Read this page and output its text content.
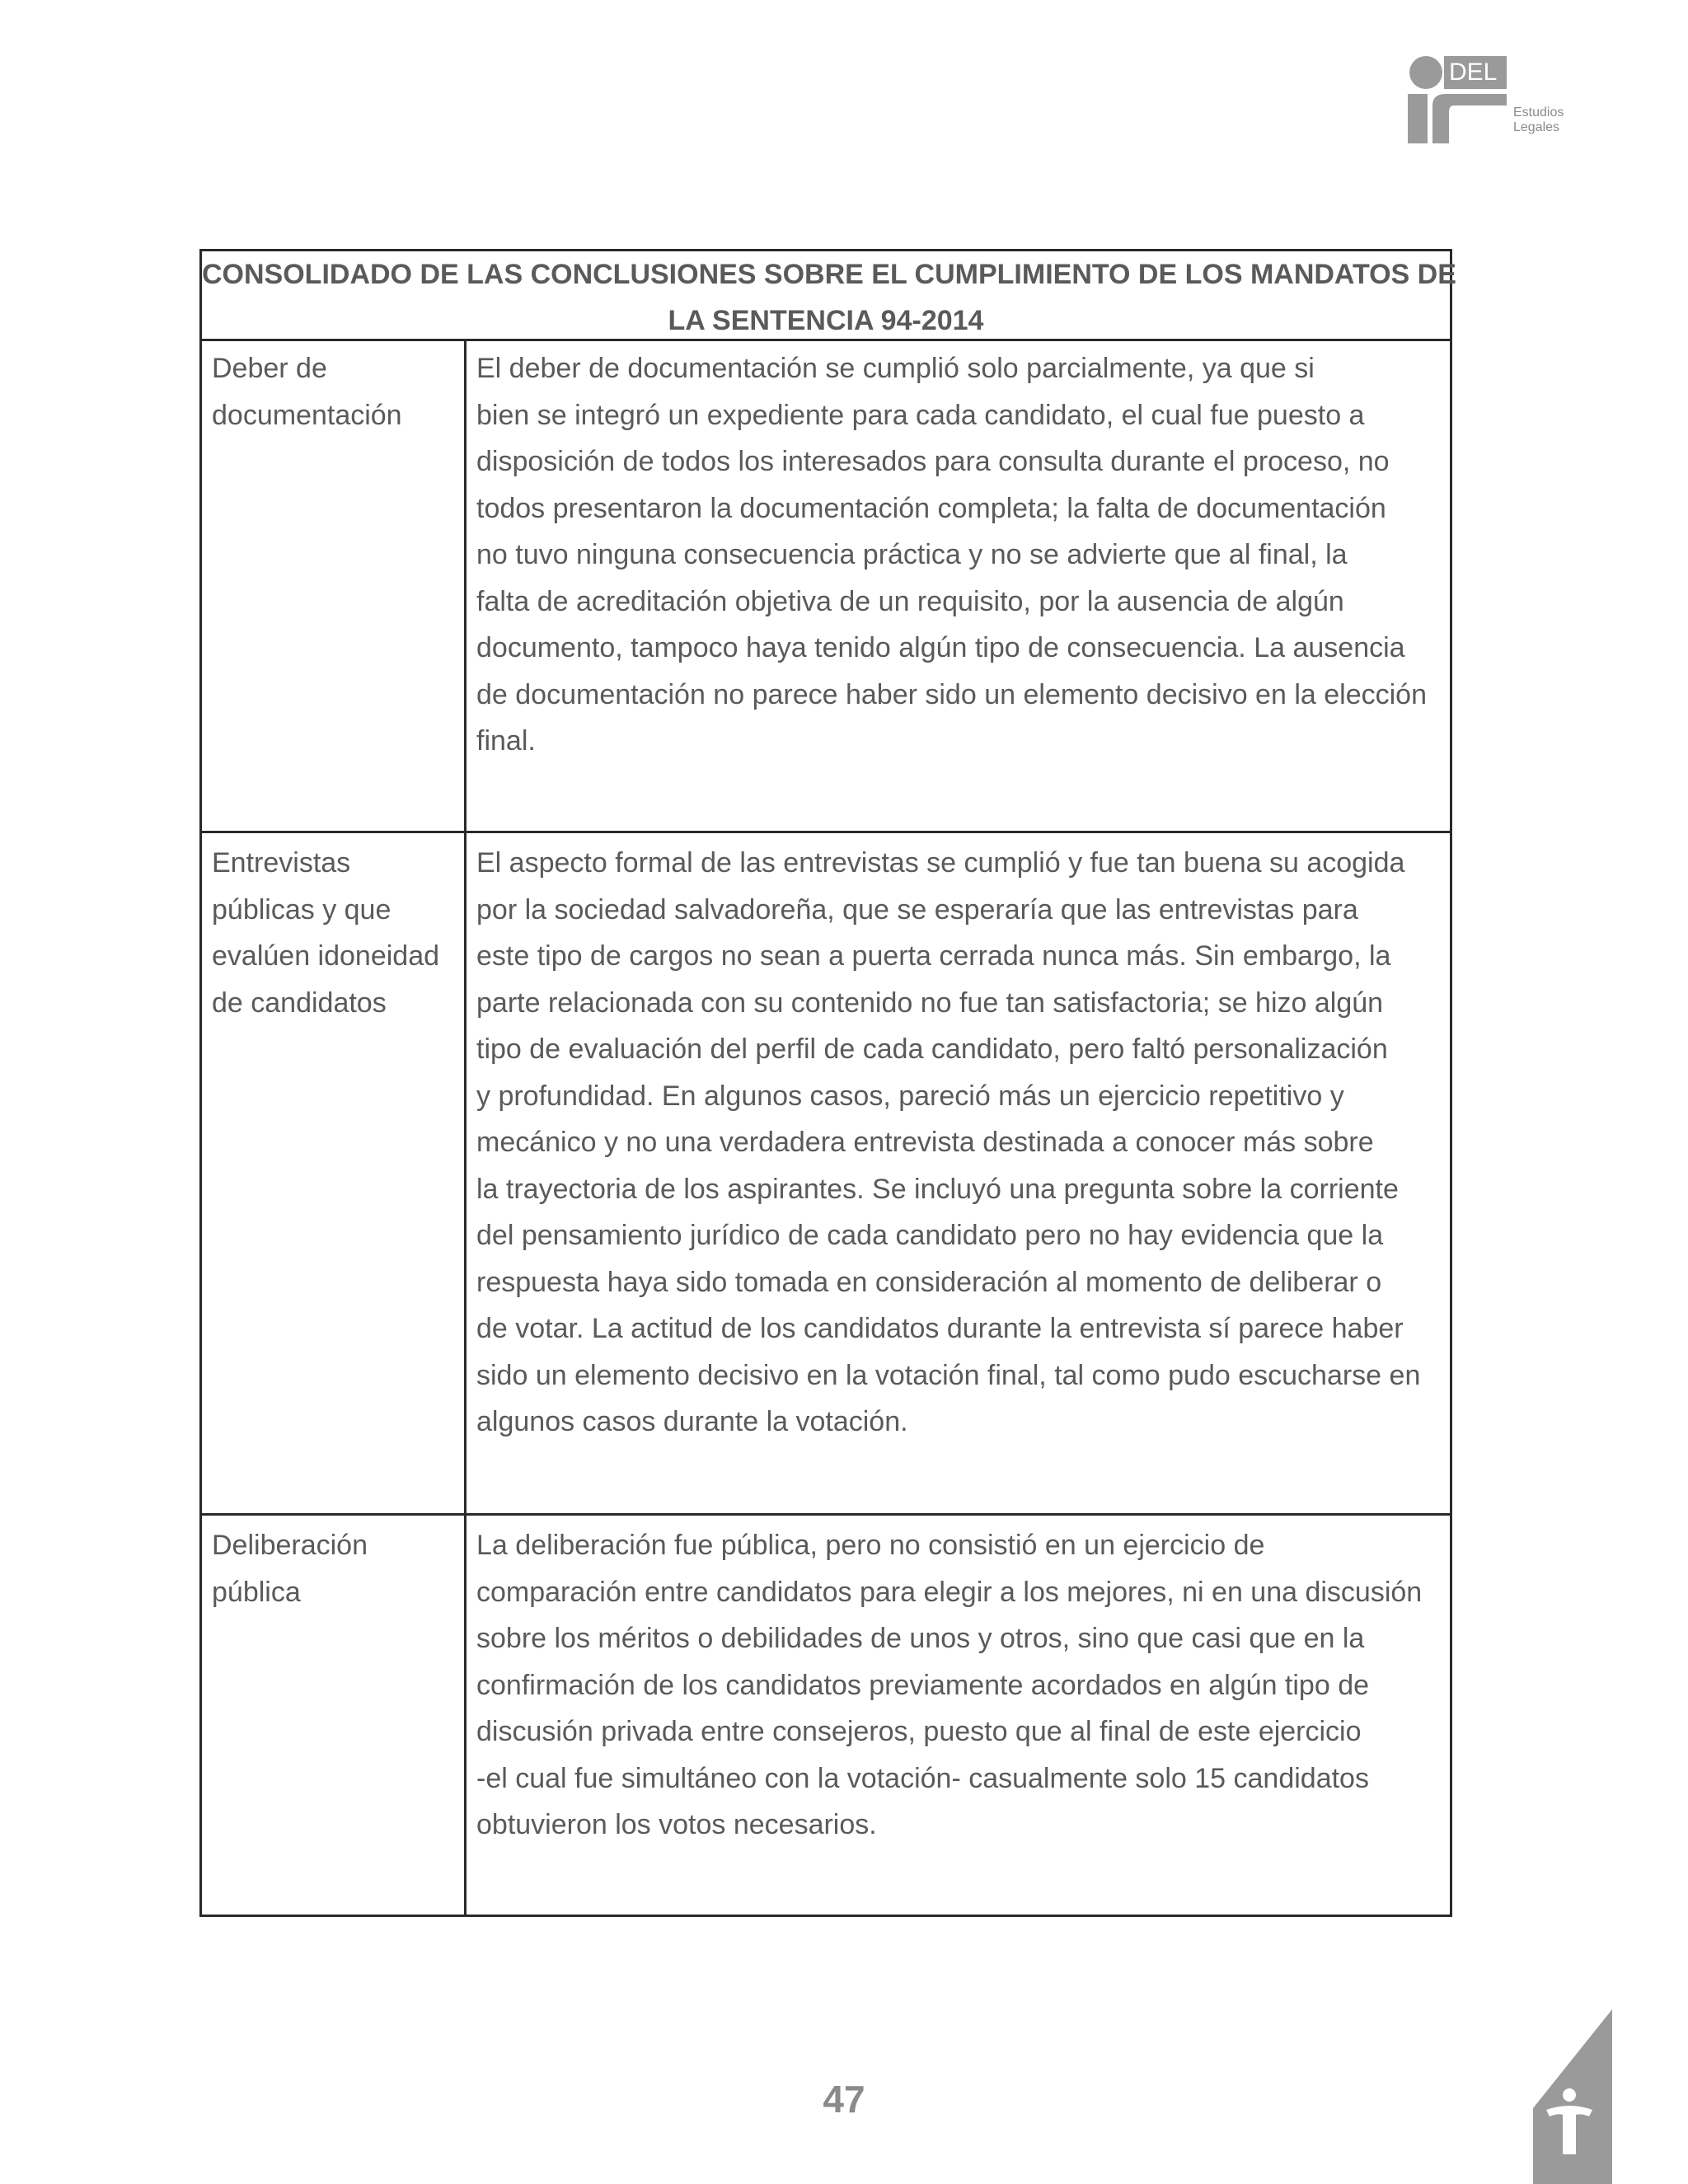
DEL
Estudios
Legales
CONSOLIDADO DE LAS CONCLUSIONES SOBRE EL CUMPLIMIENTO DE LOS MANDATOS DE
LA SENTENCIA 94-2014
Deber de
documentación
El deber de documentación se cumplió solo parcialmente, ya que si
bien se integró un expediente para cada candidato, el cual fue puesto a
disposición de todos los interesados para consulta durante el proceso, no
todos presentaron la documentación completa; la falta de documentación
no tuvo ninguna consecuencia práctica y no se advierte que al final, la
falta de acreditación objetiva de un requisito, por la ausencia de algún
documento, tampoco haya tenido algún tipo de consecuencia. La ausencia
de documentación no parece haber sido un elemento decisivo en la elección
final.
Entrevistas
públicas y que
evalúen idoneidad
de candidatos
El aspecto formal de las entrevistas se cumplió y fue tan buena su acogida
por la sociedad salvadoreña, que se esperaría que las entrevistas para
este tipo de cargos no sean a puerta cerrada nunca más. Sin embargo, la
parte relacionada con su contenido no fue tan satisfactoria; se hizo algún
tipo de evaluación del perfil de cada candidato, pero faltó personalización
y profundidad. En algunos casos, pareció más un ejercicio repetitivo y
mecánico y no una verdadera entrevista destinada a conocer más sobre
la trayectoria de los aspirantes. Se incluyó una pregunta sobre la corriente
del pensamiento jurídico de cada candidato pero no hay evidencia que la
respuesta haya sido tomada en consideración al momento de deliberar o
de votar. La actitud de los candidatos durante la entrevista sí parece haber
sido un elemento decisivo en la votación final, tal como pudo escucharse en
algunos casos durante la votación.
Deliberación
pública
La deliberación fue pública, pero no consistió en un ejercicio de
comparación entre candidatos para elegir a los mejores, ni en una discusión
sobre los méritos o debilidades de unos y otros, sino que casi que en la
confirmación de los candidatos previamente acordados en algún tipo de
discusión privada entre consejeros, puesto que al final de este ejercicio
-el cual fue simultáneo con la votación- casualmente solo 15 candidatos
obtuvieron los votos necesarios.
47
